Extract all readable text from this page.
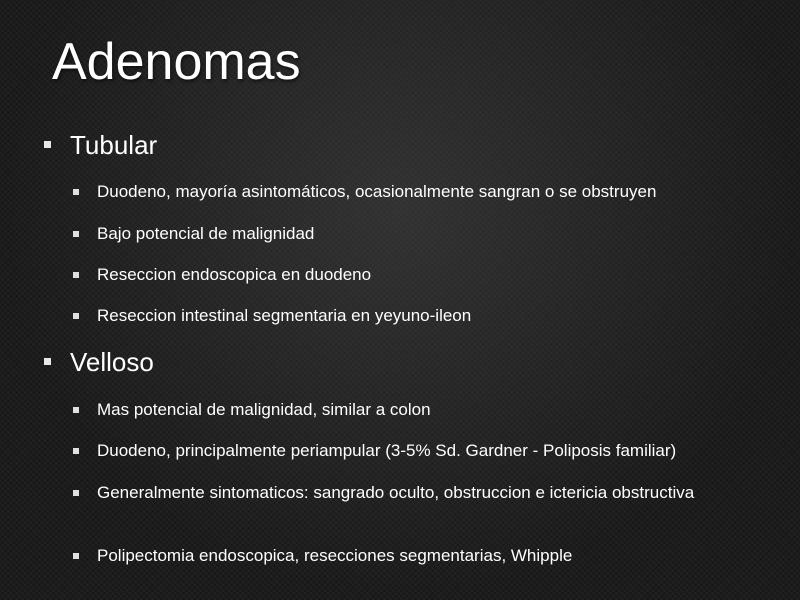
Adenomas
Tubular
Duodeno, mayoría asintomáticos, ocasionalmente sangran o se obstruyen
Bajo potencial de malignidad
Reseccion endoscopica en duodeno
Reseccion intestinal segmentaria en yeyuno-ileon
Velloso
Mas potencial de malignidad, similar a colon
Duodeno, principalmente periampular (3-5% Sd. Gardner - Poliposis familiar)
Generalmente sintomaticos: sangrado oculto, obstruccion e ictericia obstructiva
Polipectomia endoscopica, resecciones segmentarias, Whipple
